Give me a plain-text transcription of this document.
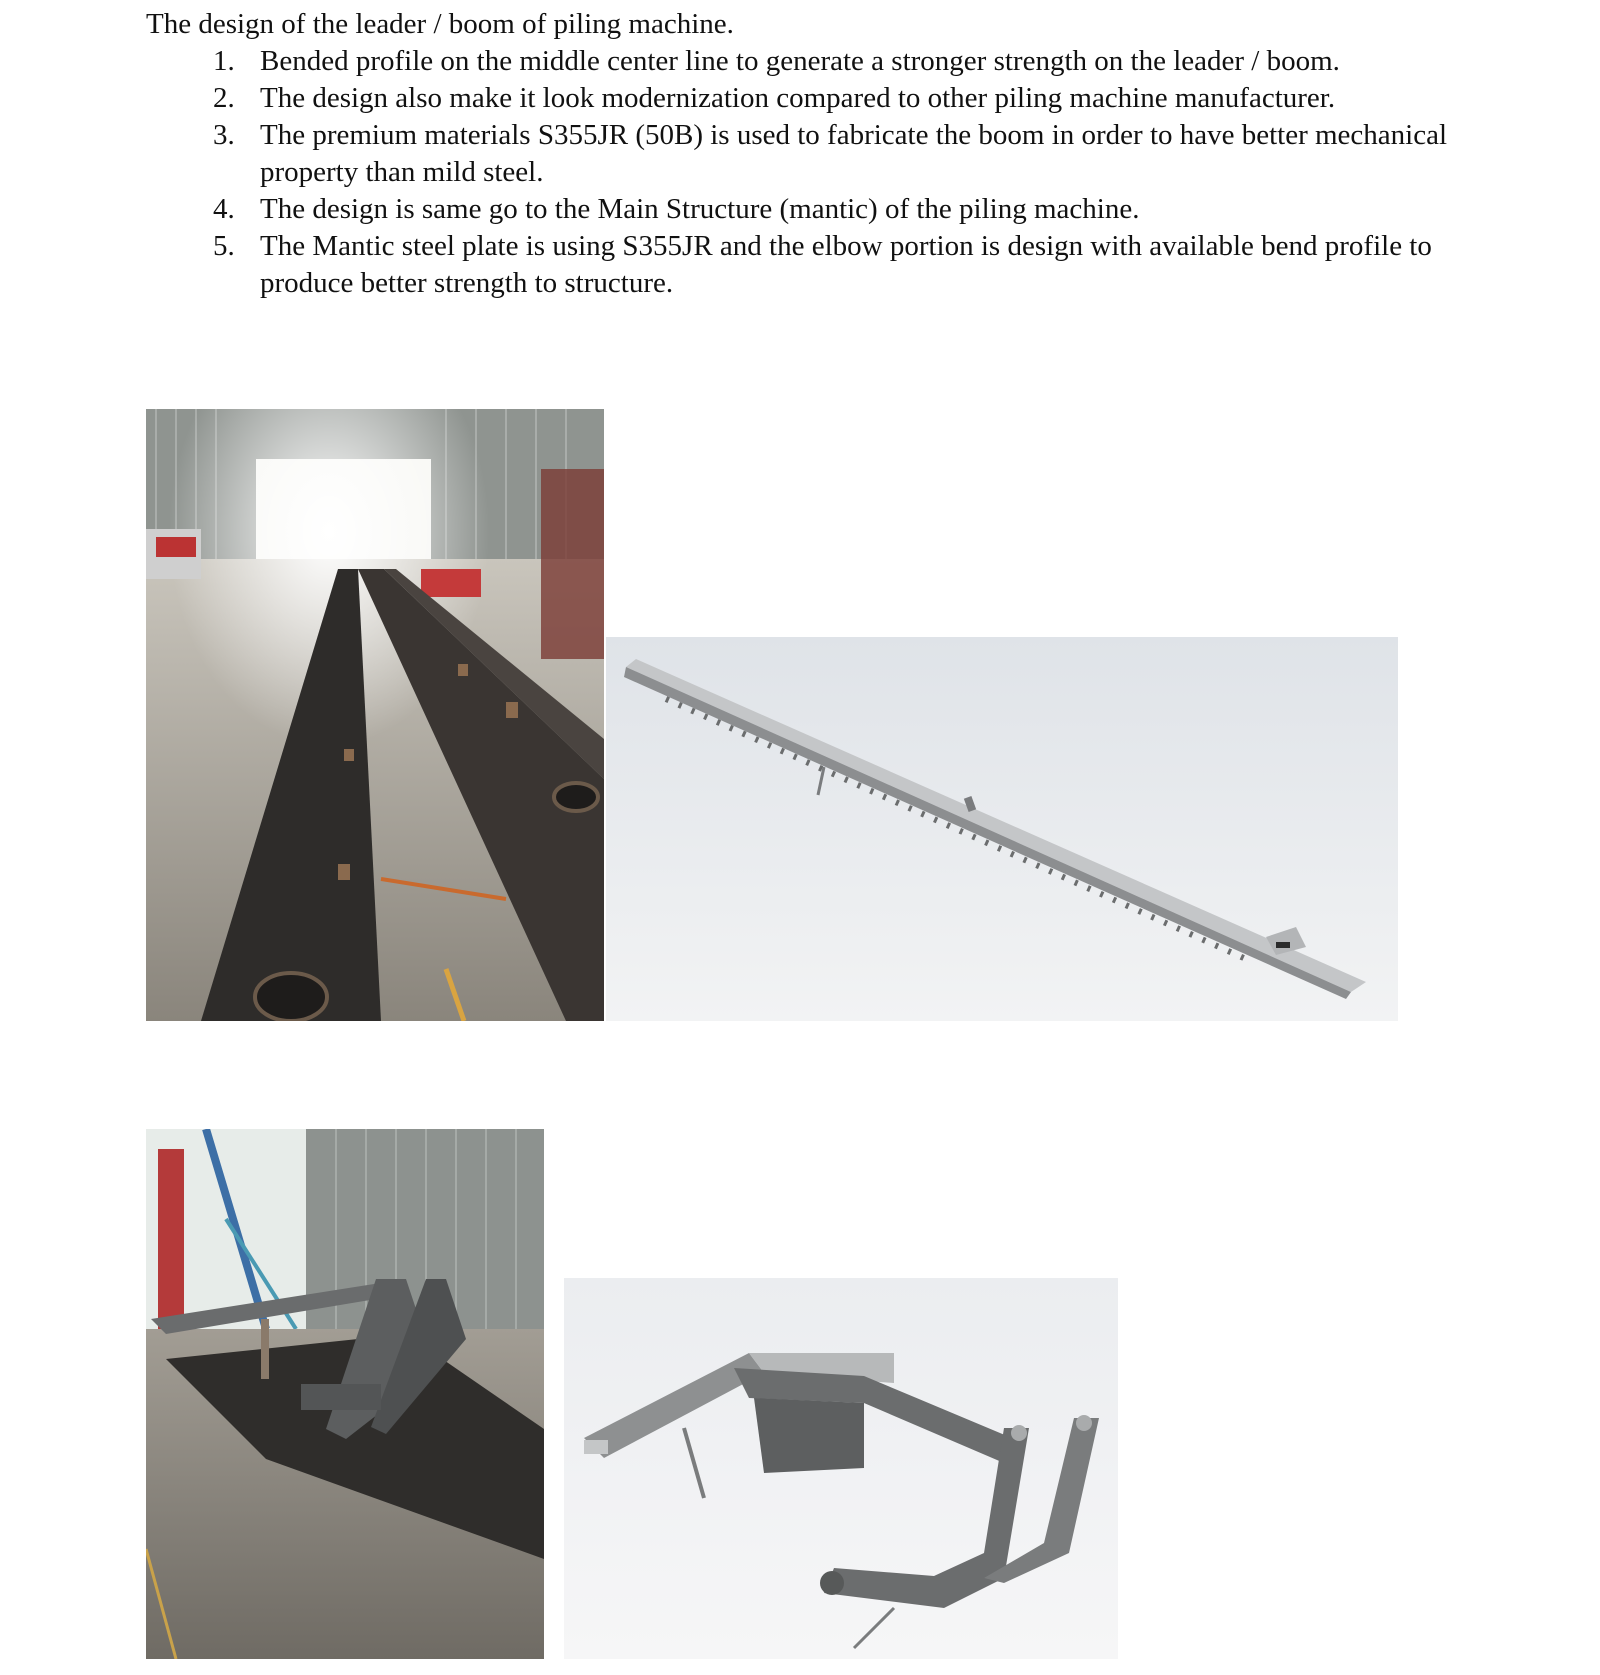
The design of the leader / boom of piling machine.

1. Bended profile on the middle center line to generate a stronger strength on the leader / boom.
2. The design also make it look modernization compared to other piling machine manufacturer.
3. The premium materials S355JR (50B) is used to fabricate the boom in order to have better mechanical property than mild steel.
4. The design is same go to the Main Structure (mantic) of the piling machine.
5. The Mantic steel plate is using S355JR and the elbow portion is design with available bend profile to produce better strength to structure.
